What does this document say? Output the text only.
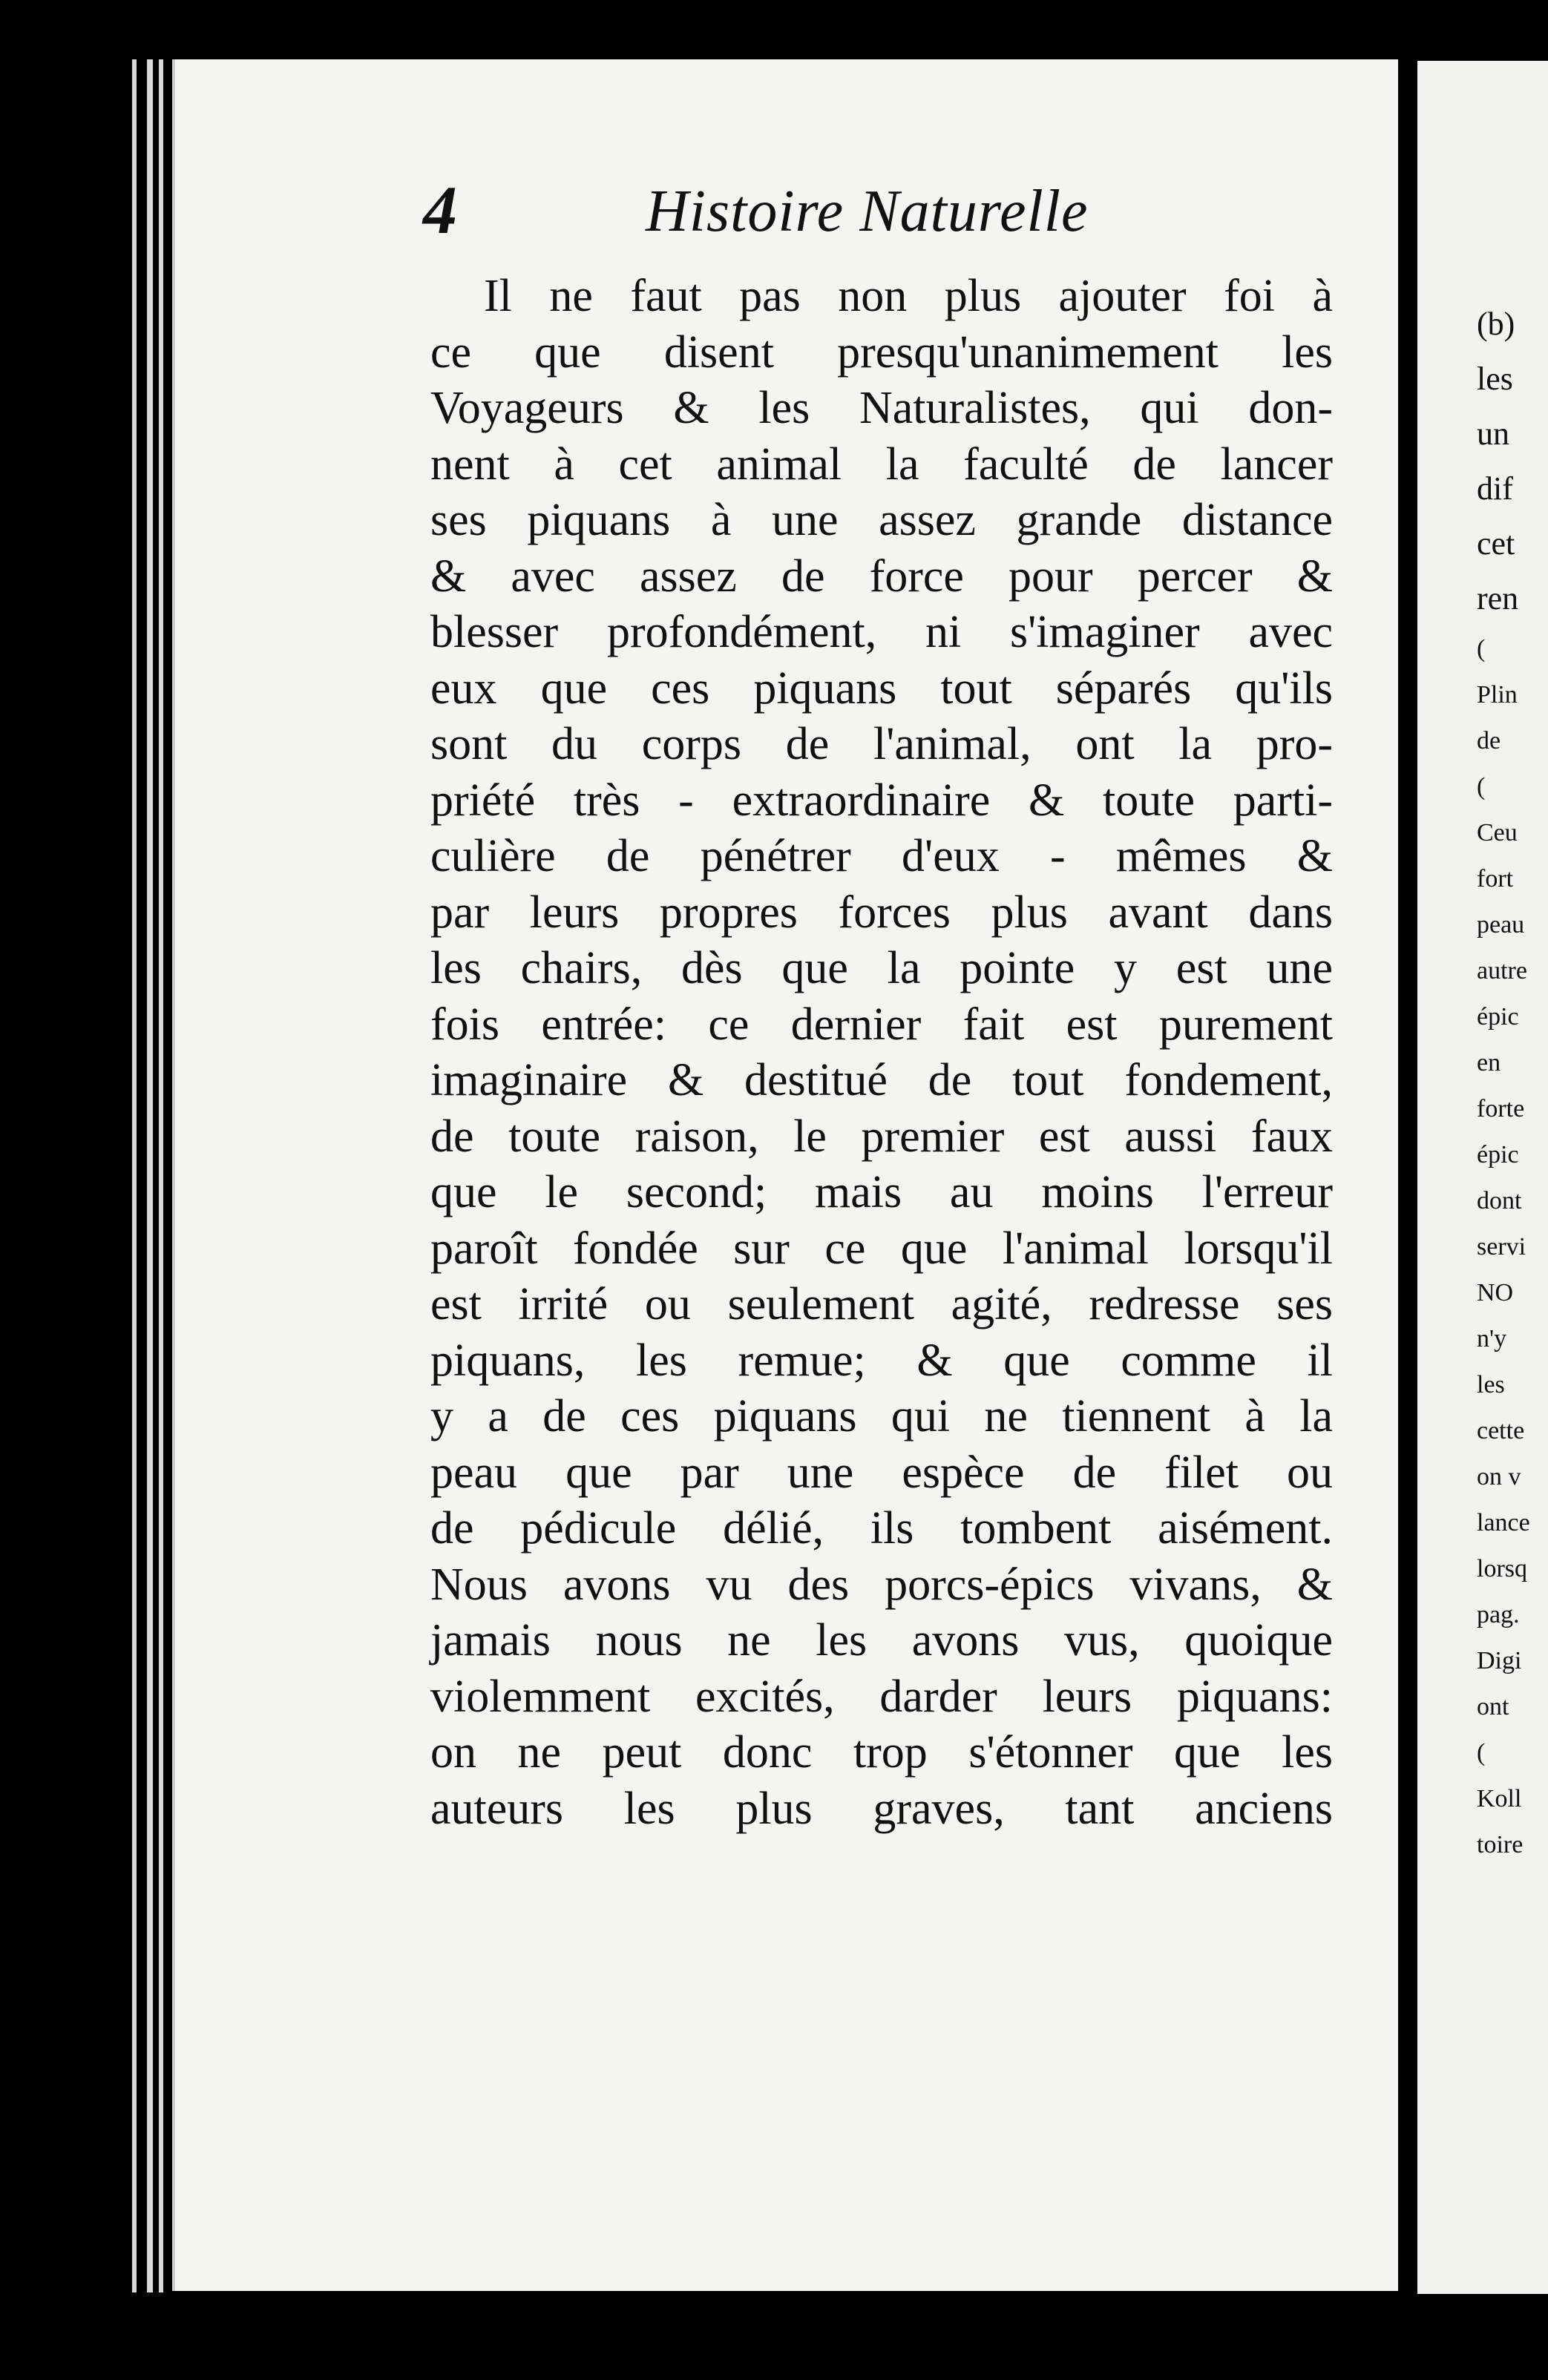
4	Histoire Naturelle
Il ne faut pas non plus ajouter foi à
ce que disent presqu'unanimement les
Voyageurs & les Naturalistes, qui don-
nent à cet animal la faculté de lancer
ses piquans à une assez grande distance
& avec assez de force pour percer &
blesser profondément, ni s'imaginer avec
eux que ces piquans tout séparés qu'ils
sont du corps de l'animal, ont la pro-
priété très - extraordinaire & toute parti-
culière de pénétrer d'eux - mêmes &
par leurs propres forces plus avant dans
les chairs, dès que la pointe y est une
fois entrée: ce dernier fait est purement
imaginaire & destitué de tout fondement,
de toute raison, le premier est aussi faux
que le second; mais au moins l'erreur
paroît fondée sur ce que l'animal lorsqu'il
est irrité ou seulement agité, redresse ses
piquans, les remue; & que comme il
y a de ces piquans qui ne tiennent à la
peau que par une espèce de filet ou
de pédicule délié, ils tombent aisément.
Nous avons vu des porcs-épics vivans, &
jamais nous ne les avons vus, quoique
violemment excités, darder leurs piquans:
on ne peut donc trop s'étonner que les
auteurs les plus graves, tant anciens
(b)
les
un
dif
cet
ren
(
Plin
de
(
Ceu
fort
peau
autre
épic
en
forte
épic
dont
servi
NO
n'y
les
cette
on v
lance
lorsq
pag.
Digi
ont
(
Koll
toire
